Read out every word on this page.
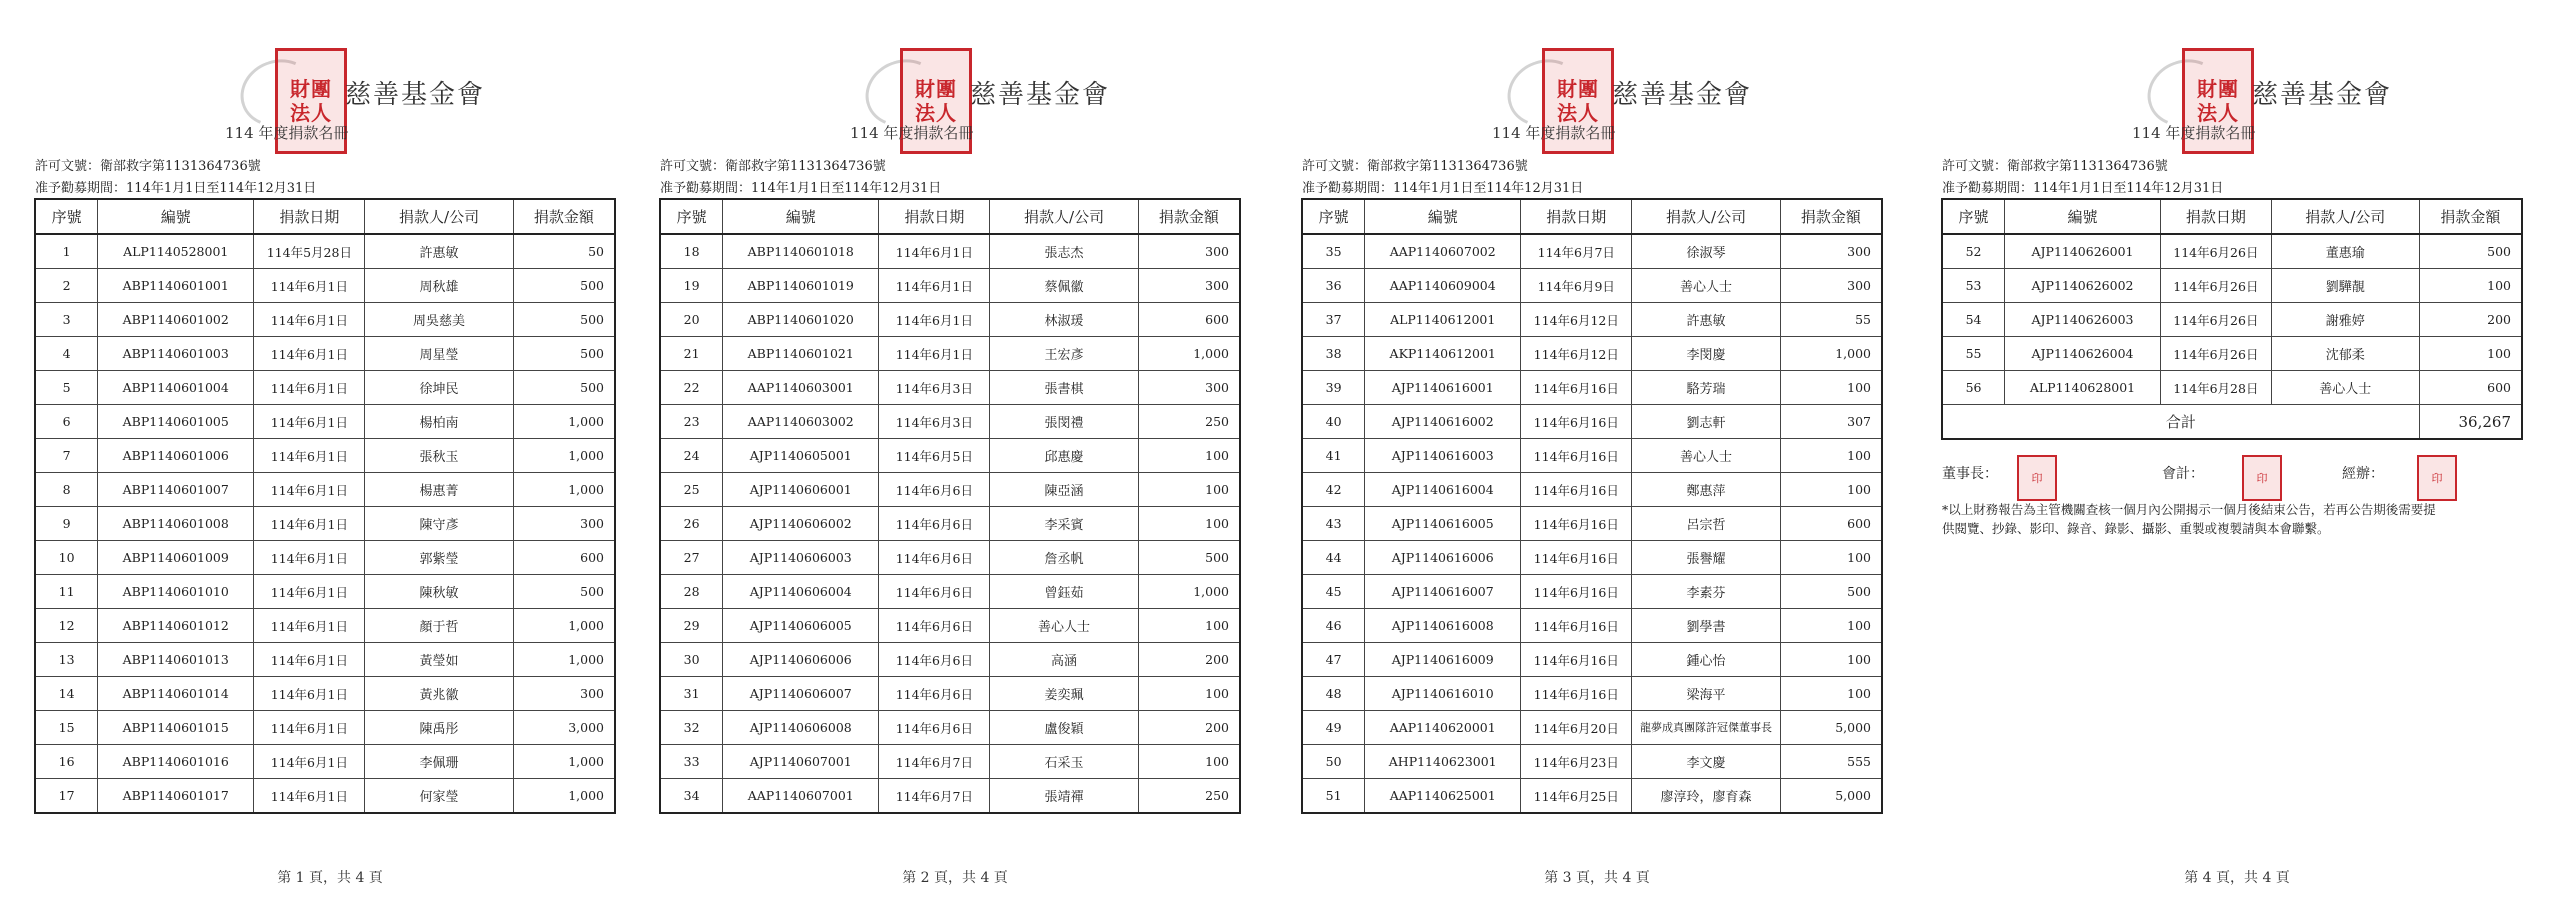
財團
法人
慈善基金會
114 年度捐款名冊
許可文號：衛部救字第1131364736號
准予勸募期間：114年1月1日至114年12月31日
序號	編號	捐款日期	捐款人/公司	捐款金額
1	ALP1140528001	114年5月28日	許惠敏	50
2	ABP1140601001	114年6月1日	周秋雄	500
3	ABP1140601002	114年6月1日	周吳慈美	500
4	ABP1140601003	114年6月1日	周星瑩	500
5	ABP1140601004	114年6月1日	徐坤民	500
6	ABP1140601005	114年6月1日	楊柏南	1,000
7	ABP1140601006	114年6月1日	張秋玉	1,000
8	ABP1140601007	114年6月1日	楊惠菁	1,000
9	ABP1140601008	114年6月1日	陳守彥	300
10	ABP1140601009	114年6月1日	郭紫瑩	600
11	ABP1140601010	114年6月1日	陳秋敏	500
12	ABP1140601012	114年6月1日	顏于哲	1,000
13	ABP1140601013	114年6月1日	黃瑩如	1,000
14	ABP1140601014	114年6月1日	黃兆徽	300
15	ABP1140601015	114年6月1日	陳禹彤	3,000
16	ABP1140601016	114年6月1日	李佩珊	1,000
17	ABP1140601017	114年6月1日	何家瑩	1,000
第 1 頁，共 4 頁
財團
法人
慈善基金會
114 年度捐款名冊
許可文號：衛部救字第1131364736號
准予勸募期間：114年1月1日至114年12月31日
序號	編號	捐款日期	捐款人/公司	捐款金額
18	ABP1140601018	114年6月1日	張志杰	300
19	ABP1140601019	114年6月1日	蔡佩徽	300
20	ABP1140601020	114年6月1日	林淑瑗	600
21	ABP1140601021	114年6月1日	王宏彥	1,000
22	AAP1140603001	114年6月3日	張書棋	300
23	AAP1140603002	114年6月3日	張閔禮	250
24	AJP1140605001	114年6月5日	邱惠慶	100
25	AJP1140606001	114年6月6日	陳亞涵	100
26	AJP1140606002	114年6月6日	李采賓	100
27	AJP1140606003	114年6月6日	詹丞帆	500
28	AJP1140606004	114年6月6日	曾鈺茹	1,000
29	AJP1140606005	114年6月6日	善心人士	100
30	AJP1140606006	114年6月6日	高涵	200
31	AJP1140606007	114年6月6日	姜奕珮	100
32	AJP1140606008	114年6月6日	盧俊穎	200
33	AJP1140607001	114年6月7日	石采玉	100
34	AAP1140607001	114年6月7日	張靖禪	250
第 2 頁，共 4 頁
財團
法人
慈善基金會
114 年度捐款名冊
許可文號：衛部救字第1131364736號
准予勸募期間：114年1月1日至114年12月31日
序號	編號	捐款日期	捐款人/公司	捐款金額
35	AAP1140607002	114年6月7日	徐淑琴	300
36	AAP1140609004	114年6月9日	善心人士	300
37	ALP1140612001	114年6月12日	許惠敏	55
38	AKP1140612001	114年6月12日	李閔慶	1,000
39	AJP1140616001	114年6月16日	駱芳瑞	100
40	AJP1140616002	114年6月16日	劉志軒	307
41	AJP1140616003	114年6月16日	善心人士	100
42	AJP1140616004	114年6月16日	鄭惠萍	100
43	AJP1140616005	114年6月16日	呂宗哲	600
44	AJP1140616006	114年6月16日	張譽耀	100
45	AJP1140616007	114年6月16日	李素芬	500
46	AJP1140616008	114年6月16日	劉學書	100
47	AJP1140616009	114年6月16日	鍾心怡	100
48	AJP1140616010	114年6月16日	梁海平	100
49	AAP1140620001	114年6月20日	龍夢成真團隊許冠傑董事長	5,000
50	AHP1140623001	114年6月23日	李文慶	555
51	AAP1140625001	114年6月25日	廖淳玲，廖育森	5,000
第 3 頁，共 4 頁
財團
法人
慈善基金會
114 年度捐款名冊
許可文號：衛部救字第1131364736號
准予勸募期間：114年1月1日至114年12月31日
序號	編號	捐款日期	捐款人/公司	捐款金額
52	AJP1140626001	114年6月26日	董惠瑜	500
53	AJP1140626002	114年6月26日	劉驊靚	100
54	AJP1140626003	114年6月26日	謝雅婷	200
55	AJP1140626004	114年6月26日	沈郁柔	100
56	ALP1140628001	114年6月28日	善心人士	600
合計				36,267
董事長：	印	會計：	印	經辦：	印
*以上財務報告為主管機關查核一個月內公開揭示一個月後結束公告，若再公告期後需要提供閱覽、抄錄、影印、錄音、錄影、攝影、重製或複製請與本會聯繫。
第 4 頁，共 4 頁
